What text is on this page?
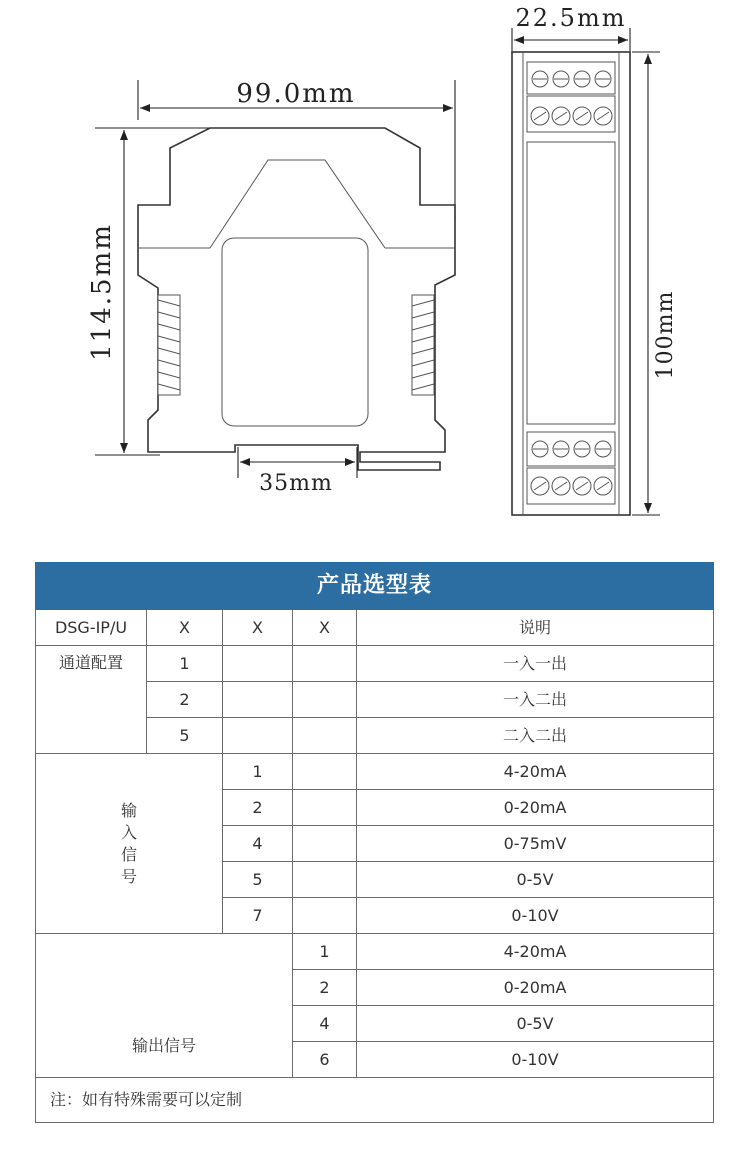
99.0mm
114.5mm
35mm
22.5mm
100mm
产品选型表				
DSG-IP/U	X	X	X	说明
通道配置	1			一入一出
	2			一入二出
	5			二入二出
输入信号		1		4-20mA
		2		0-20mA
		4		0-75mV
		5		0-5V
		7		0-10V
输出信号			1	4-20mA
			2	0-20mA
			4	0-5V
			6	0-10V
注：如有特殊需要可以定制				
